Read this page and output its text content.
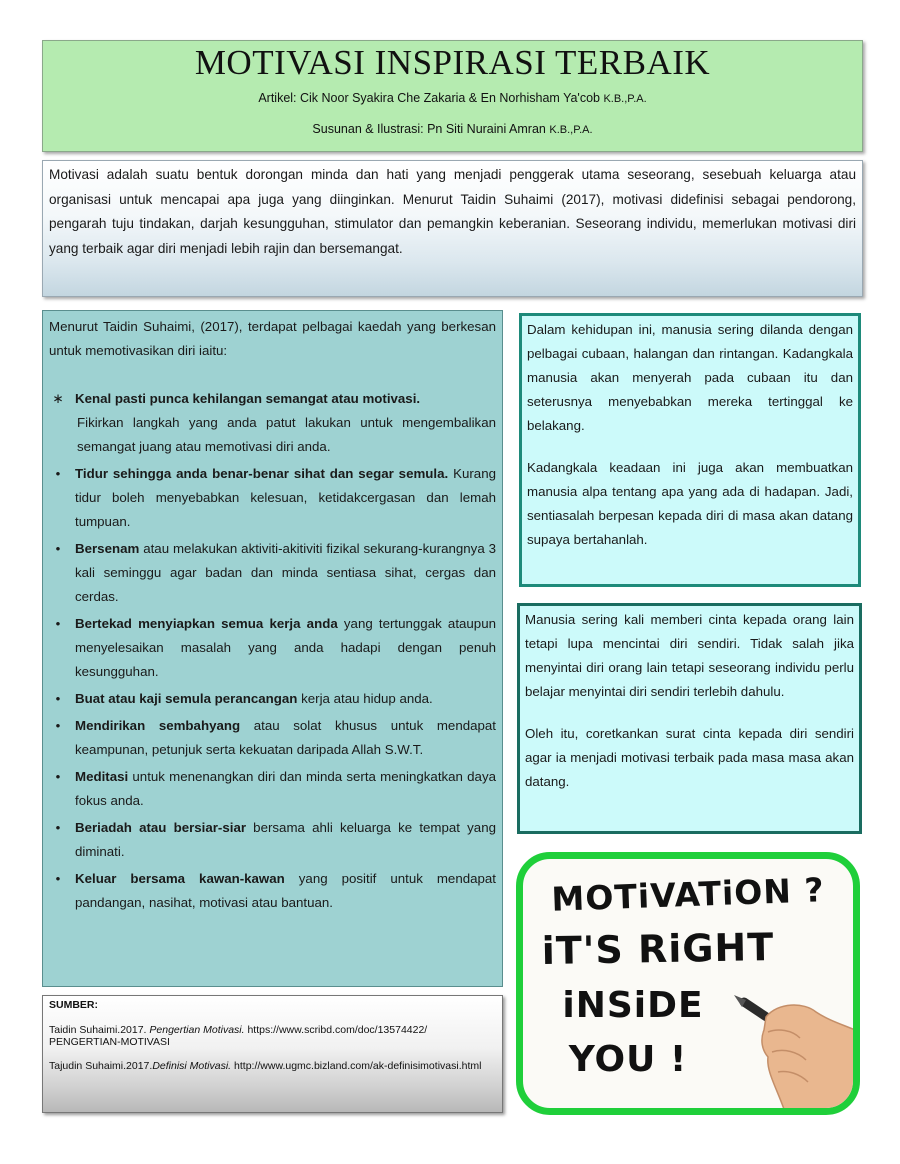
MOTIVASI INSPIRASI TERBAIK
Artikel: Cik Noor Syakira Che Zakaria & En Norhisham Ya'cob K.B.,P.A.
Susunan & Ilustrasi: Pn Siti Nuraini Amran K.B.,P.A.
Motivasi adalah suatu bentuk dorongan minda dan hati yang menjadi penggerak utama seseorang, sesebuah keluarga atau organisasi untuk mencapai apa juga yang diinginkan. Menurut Taidin Suhaimi (2017), motivasi didefinisi sebagai pendorong, pengarah tuju tindakan, darjah kesungguhan, stimulator dan pemangkin keberanian. Seseorang individu, memerlukan motivasi diri yang terbaik agar diri menjadi lebih rajin dan bersemangat.

Menurut Taidin Suhaimi, (2017), terdapat pelbagai kaedah yang berkesan untuk memotivasikan diri iaitu:

∗ Kenal pasti punca kehilangan semangat atau motivasi.
Fikirkan langkah yang anda patut lakukan untuk mengembalikan semangat juang atau memotivasi diri anda.
•	Tidur sehingga anda benar-benar sihat dan segar semula. Kurang tidur boleh menyebabkan kelesuan, ketidakcergasan dan lemah tumpuan.
•	Bersenam atau melakukan aktiviti-akitiviti fizikal sekurang-kurangnya 3 kali seminggu agar badan dan minda sentiasa sihat, cergas dan cerdas.
•	Bertekad menyiapkan semua kerja anda yang tertunggak ataupun menyelesaikan masalah yang anda hadapi dengan penuh kesungguhan.
•	Buat atau kaji semula perancangan kerja atau hidup anda.
•	Mendirikan sembahyang atau solat khusus untuk mendapat keampunan, petunjuk serta kekuatan daripada Allah S.W.T.
•	Meditasi untuk menenangkan diri dan minda serta meningkatkan daya fokus anda.
•	Beriadah atau bersiar-siar bersama ahli keluarga ke tempat yang diminati.
•	Keluar bersama kawan-kawan yang positif untuk mendapat pandangan, nasihat, motivasi atau bantuan.

Dalam kehidupan ini, manusia sering dilanda dengan pelbagai cubaan, halangan dan rintangan. Kadangkala manusia akan menyerah pada cubaan itu dan seterusnya menyebabkan mereka tertinggal ke belakang.

Kadangkala keadaan ini juga akan membuatkan manusia alpa tentang apa yang ada di hadapan. Jadi, sentiasalah berpesan kepada diri di masa akan datang supaya bertahanlah.

Manusia sering kali memberi cinta kepada orang lain tetapi lupa mencintai diri sendiri. Tidak salah jika menyintai diri orang lain tetapi seseorang individu perlu belajar menyintai diri sendiri terlebih dahulu.

Oleh itu, coretkankan surat cinta kepada diri sendiri agar ia menjadi motivasi terbaik pada masa masa akan datang.

SUMBER:
Taidin Suhaimi.2017. Pengertian Motivasi. https://www.scribd.com/doc/13574422/ PENGERTIAN-MOTIVASI
Tajudin Suhaimi.2017.Definisi Motivasi. http://www.ugmc.bizland.com/ak-definisimotivasi.html
MOTiVATiON ?
iT'S RiGHT
iNSiDE
YOU !
